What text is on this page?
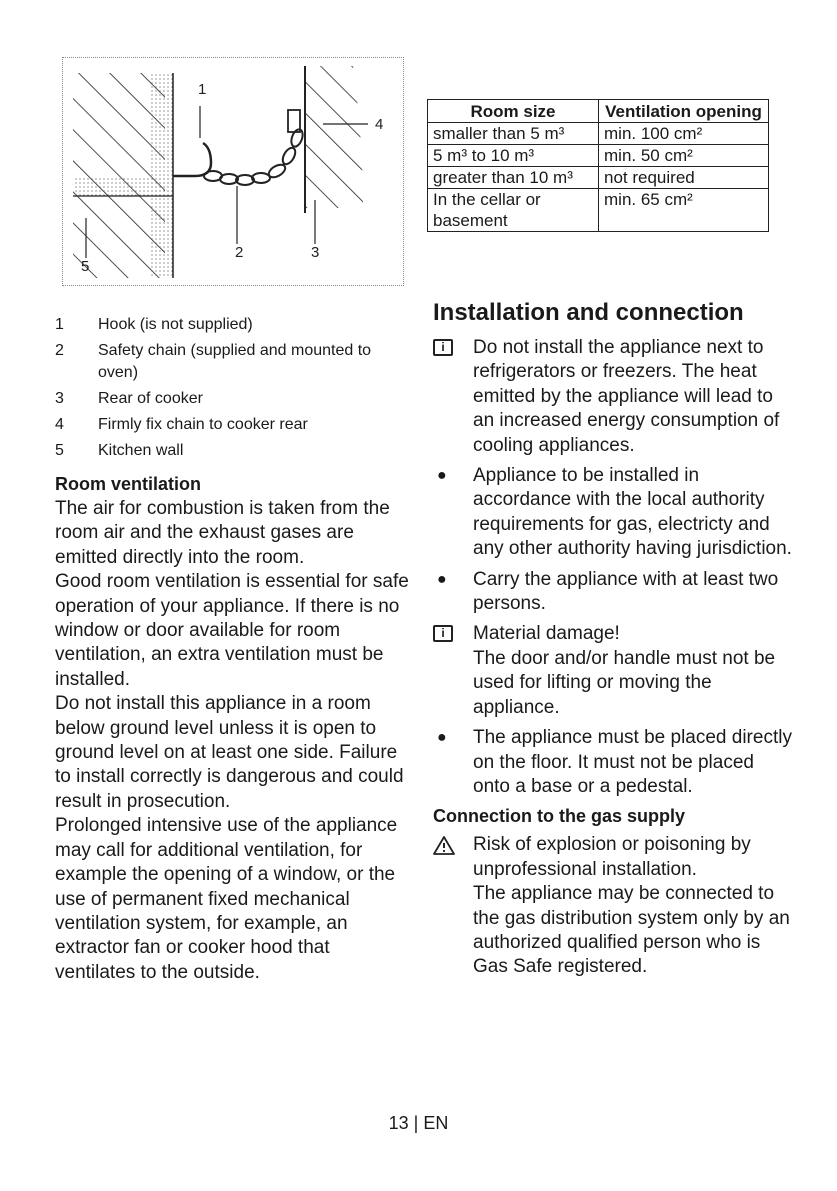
1
2	3
4
5
1	Hook (is not supplied)
2	Safety chain (supplied and mounted to oven)
3	Rear of cooker
4	Firmly fix chain to cooker rear
5	Kitchen wall

Room ventilation

The air for combustion is taken from the room air and the exhaust gases are emitted directly into the room.

Good room ventilation is essential for safe operation of your appliance. If there is no window or door available for room ventilation, an extra ventilation must be installed.

Do not install this appliance in a room below ground level unless it is open to ground level on at least one side. Failure to install correctly is dangerous and could result in prosecution.

Prolonged intensive use of the appliance may call for additional ventilation, for example the opening of a window, or the use of permanent fixed mechanical ventilation system, for example, an extractor fan or cooker hood that ventilates to the outside.

Room size	Ventilation opening
smaller than 5 m³	min. 100 cm²
5 m³ to 10 m³	min. 50 cm²
greater than 10 m³	not required
In the cellar or basement	min. 65 cm²
Installation and connection
i	Do not install the appliance next to refrigerators or freezers. The heat emitted by the appliance will lead to an increased energy consumption of cooling appliances.
● Appliance to be installed in accordance with the local authority requirements for gas, electricty and any other authority having jurisdiction.
● Carry the appliance with at least two persons.
i	Material damage!
The door and/or handle must not be used for lifting or moving the appliance.
● The appliance must be placed directly on the floor. It must not be placed onto a base or a pedestal.

Connection to the gas supply

Risk of explosion or poisoning by unprofessional installation.
The appliance may be connected to the gas distribution system only by an authorized qualified person who is Gas Safe registered.
13 | EN
